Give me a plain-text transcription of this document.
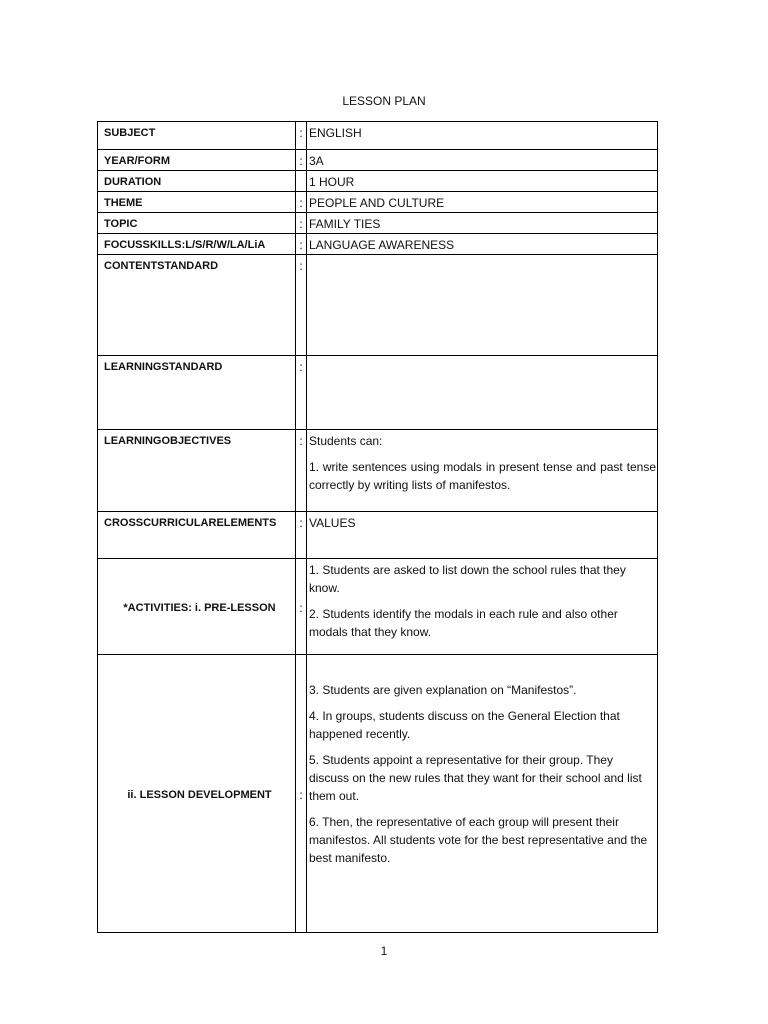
LESSON PLAN
SUBJECT	:	ENGLISH
YEAR/FORM	:	3A
DURATION		1 HOUR
THEME	:	PEOPLE AND CULTURE
TOPIC	:	FAMILY TIES
FOCUSSKILLS:L/S/R/W/LA/LiA	:	LANGUAGE AWARENESS
CONTENTSTANDARD	:	
LEARNINGSTANDARD	:	
LEARNINGOBJECTIVES	:	Students can:

1. write sentences using modals in present tense and past tense correctly by writing lists of manifestos.

CROSSCURRICULARELEMENTS	:	VALUES
*ACTIVITIES: i. PRE-LESSON	:	1. Students are asked to list down the school rules that they know.

2. Students identify the modals in each rule and also other modals that they know.

ii. LESSON DEVELOPMENT	:	3. Students are given explanation on “Manifestos”.

4. In groups, students discuss on the General Election that happened recently.

5. Students appoint a representative for their group. They discuss on the new rules that they want for their school and list them out.

6. Then, the representative of each group will present their manifestos. All students vote for the best representative and the best manifesto.

1
